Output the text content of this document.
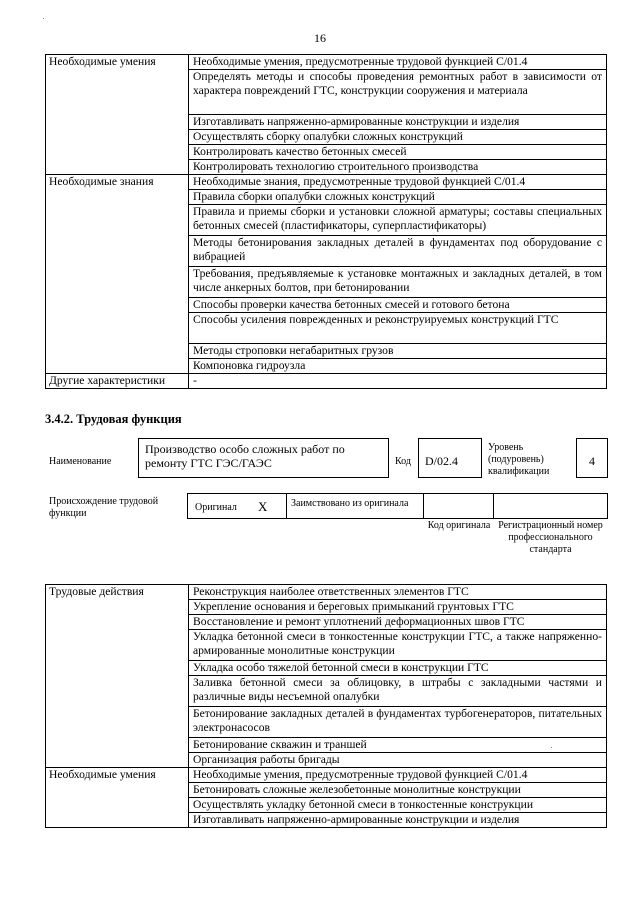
16
Необходимые умения	Необходимые умения, предусмотренные трудовой функцией С/01.4
	Определять методы и способы проведения ремонтных работ в зависимости от характера повреждений ГТС, конструкции сооружения и материала
	Изготавливать напряженно-армированные конструкции и изделия
	Осуществлять сборку опалубки сложных конструкций
	Контролировать качество бетонных смесей
	Контролировать технологию строительного производства
Необходимые знания	Необходимые знания, предусмотренные трудовой функцией С/01.4
	Правила сборки опалубки сложных конструкций
	Правила и приемы сборки и установки сложной арматуры; составы специальных бетонных смесей (пластификаторы, суперпластификаторы)
	Методы бетонирования закладных деталей в фундаментах под оборудование с вибрацией
	Требования, предъявляемые к установке монтажных и закладных деталей, в том числе анкерных болтов, при бетонировании
	Способы проверки качества бетонных смесей и готового бетона
	Способы усиления поврежденных и реконструируемых конструкций ГТС
	Методы строповки негабаритных грузов
	Компоновка гидроузла
Другие характеристики	-
3.4.2. Трудовая функция
Наименование
Производство особо сложных работ по ремонту ГТС ГЭС/ГАЭС	Код	D/02.4
Уровень (подуровень) квалификации
4
Происхождение трудовой функции
Оригинал X	Заимствовано из оригинала
Код оригинала Регистрационный номер профессионального стандарта
Трудовые действия	Реконструкция наиболее ответственных элементов ГТС
	Укрепление основания и береговых примыканий грунтовых ГТС
	Восстановление и ремонт уплотнений деформационных швов ГТС
	Укладка бетонной смеси в тонкостенные конструкции ГТС, а также напряженно-армированные монолитные конструкции
	Укладка особо тяжелой бетонной смеси в конструкции ГТС
	Заливка бетонной смеси за облицовку, в штрабы с закладными частями и различные виды несъемной опалубки
	Бетонирование закладных деталей в фундаментах турбогенераторов, питательных электронасосов
	Бетонирование скважин и траншей
	Организация работы бригады
Необходимые умения	Необходимые умения, предусмотренные трудовой функцией С/01.4
	Бетонировать сложные железобетонные монолитные конструкции
	Осуществлять укладку бетонной смеси в тонкостенные конструкции
	Изготавливать напряженно-армированные конструкции и изделия
